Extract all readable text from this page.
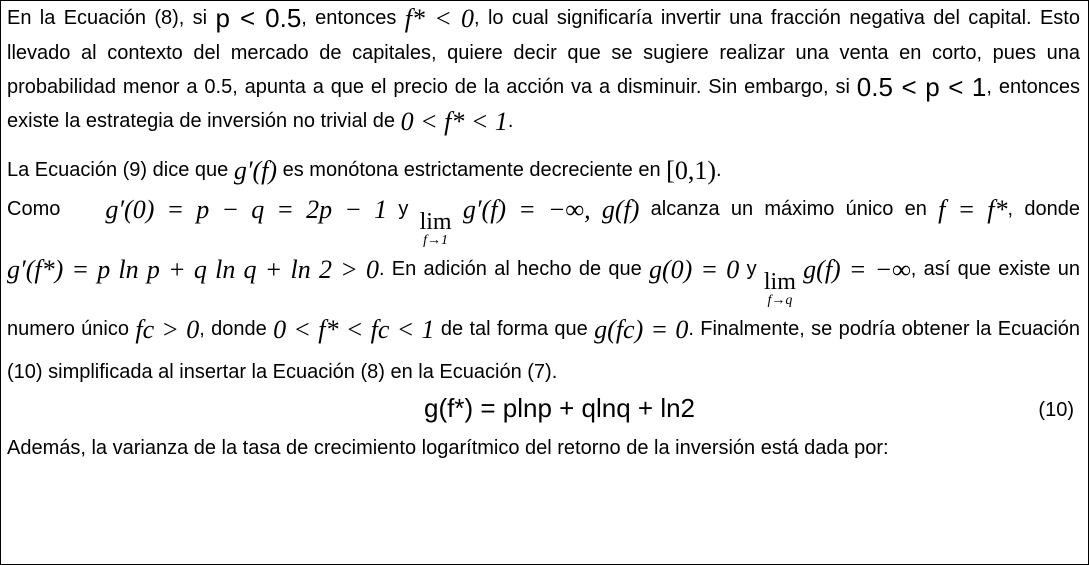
En la Ecuación (8), si p < 0.5, entonces f* < 0, lo cual significaría invertir una fracción negativa del capital. Esto llevado al contexto del mercado de capitales, quiere decir que se sugiere realizar una venta en corto, pues una probabilidad menor a 0.5, apunta a que el precio de la acción va a disminuir. Sin embargo, si 0.5 < p < 1, entonces existe la estrategia de inversión no trivial de 0 < f* < 1.

La Ecuación (9) dice que g′(f) es monótona estrictamente decreciente en [0,1).

Como g′(0) = p − q = 2p − 1 y lim
f→1
g′(f) = −∞, g(f) alcanza un máximo único en f = f*, donde g′(f*) = p ln p + q ln q + ln 2 > 0. En adición al hecho de que g(0) = 0 y lim
f→q
g(f) = −∞, así que existe un numero único fc > 0, donde 0 < f* < fc < 1 de tal forma que g(fc) = 0. Finalmente, se podría obtener la Ecuación (10) simplificada al insertar la Ecuación (8) en la Ecuación (7).

g(f*) = plnp + qlnq + ln2	(10)

Además, la varianza de la tasa de crecimiento logarítmico del retorno de la inversión está dada por:
